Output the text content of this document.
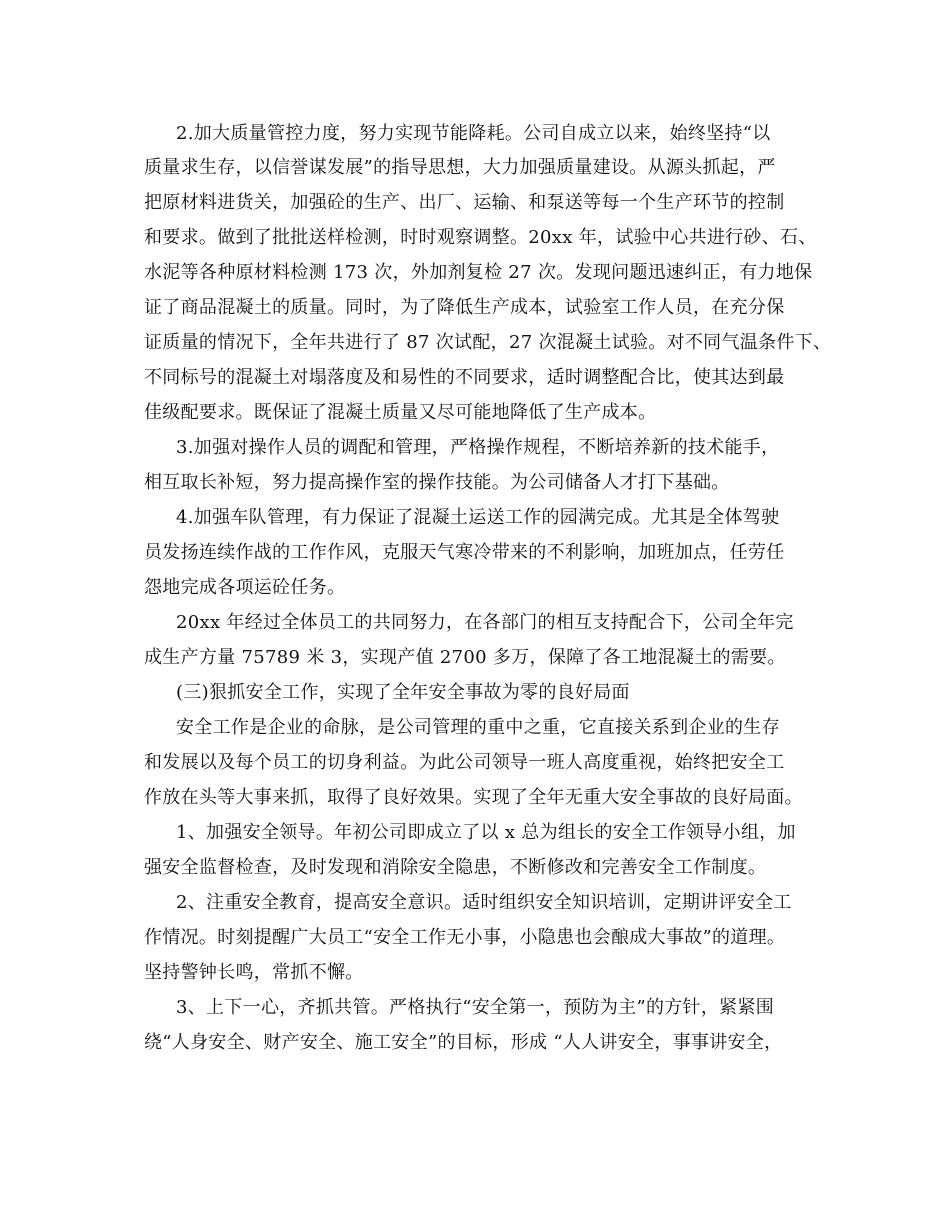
2.加大质量管控力度，努力实现节能降耗。公司自成立以来，始终坚持“以
质量求生存，以信誉谋发展”的指导思想，大力加强质量建设。从源头抓起，严
把原材料进货关，加强砼的生产、出厂、运输、和泵送等每一个生产环节的控制
和要求。做到了批批送样检测，时时观察调整。20xx 年，试验中心共进行砂、石、
水泥等各种原材料检测 173 次，外加剂复检 27 次。发现问题迅速纠正，有力地保
证了商品混凝土的质量。同时，为了降低生产成本，试验室工作人员，在充分保
证质量的情况下，全年共进行了 87 次试配，27 次混凝土试验。对不同气温条件下、
不同标号的混凝土对塌落度及和易性的不同要求，适时调整配合比，使其达到最
佳级配要求。既保证了混凝土质量又尽可能地降低了生产成本。
3.加强对操作人员的调配和管理，严格操作规程，不断培养新的技术能手，
相互取长补短，努力提高操作室的操作技能。为公司储备人才打下基础。
4.加强车队管理，有力保证了混凝土运送工作的园满完成。尤其是全体驾驶
员发扬连续作战的工作作风，克服天气寒冷带来的不利影响，加班加点，任劳任
怨地完成各项运砼任务。
20xx 年经过全体员工的共同努力，在各部门的相互支持配合下，公司全年完
成生产方量 75789 米 3，实现产值 2700 多万，保障了各工地混凝土的需要。
(三)狠抓安全工作，实现了全年安全事故为零的良好局面
安全工作是企业的命脉，是公司管理的重中之重，它直接关系到企业的生存
和发展以及每个员工的切身利益。为此公司领导一班人高度重视，始终把安全工
作放在头等大事来抓，取得了良好效果。实现了全年无重大安全事故的良好局面。
1、加强安全领导。年初公司即成立了以 x 总为组长的安全工作领导小组，加
强安全监督检查，及时发现和消除安全隐患，不断修改和完善安全工作制度。
2、注重安全教育，提高安全意识。适时组织安全知识培训，定期讲评安全工
作情况。时刻提醒广大员工“安全工作无小事，小隐患也会酿成大事故”的道理。
坚持警钟长鸣，常抓不懈。
3、上下一心，齐抓共管。严格执行“安全第一，预防为主”的方针，紧紧围
绕“人身安全、财产安全、施工安全”的目标，形成 “人人讲安全，事事讲安全，
